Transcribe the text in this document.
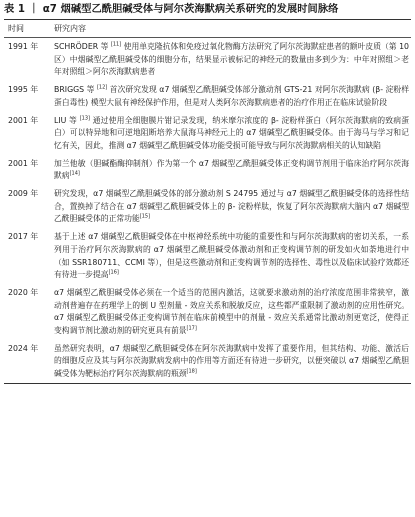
表 1 ｜ α7 烟碱型乙酰胆碱受体与阿尔茨海默病关系研究的发展时间脉络
时间	研究内容
1991 年	SCHRÖDER 等 [11] 使用单克隆抗体和免疫过氧化物酶方法研究了阿尔茨海默症患者的额叶皮质（第 10 区）中烟碱型乙酰胆碱受体的细胞分布，结果显示被标记的神经元的数量由多到少为：中年对照组＞老年对照组＞阿尔茨海默病患者
1995 年	BRIGGS 等 [12] 首次研究发现 α7 烟碱型乙酰胆碱受体部分激动剂 GTS-21 对阿尔茨海默病 (β- 淀粉样蛋白毒性) 模型大鼠有神经保护作用，但是对人类阿尔茨海默病患者的治疗作用正在临床试验阶段
2001 年	LIU 等 [13] 通过使用全细胞膜片钳记录发现，纳米摩尔浓度的 β- 淀粉样蛋白（阿尔茨海默病的致病蛋白）可以特异地和可逆地阻断培养大鼠海马神经元上的 α7 烟碱型乙酰胆碱受体。由于海马与学习和记忆有关，因此，推测 α7 烟碱型乙酰胆碱受体功能受损可能导致与阿尔茨海默病相关的认知缺陷
2001 年	加兰他敏（胆碱酯酶抑制剂）作为第一个 α7 烟碱型乙酰胆碱受体正变构调节剂用于临床治疗阿尔茨海默病[14]
2009 年	研究发现，α7 烟碱型乙酰胆碱受体的部分激动剂 S 24795 通过与 α7 烟碱型乙酰胆碱受体的选择性结合，置换掉了结合在 α7 烟碱型乙酰胆碱受体上的 β- 淀粉样肽，恢复了阿尔茨海默病大脑内 α7 烟碱型乙酰胆碱受体的正常功能[15]
2017 年	基于上述 α7 烟碱型乙酰胆碱受体在中枢神经系统中功能的重要性和与阿尔茨海默病的密切关系，一系列用于治疗阿尔茨海默病的 α7 烟碱型乙酰胆碱受体激动剂和正变构调节剂的研发如火如荼地进行中（如 SSR180711、CCMI 等），但是这些激动剂和正变构调节剂的选择性、毒性以及临床试验疗效都还有待进一步提高[16]
2020 年	α7 烟碱型乙酰胆碱受体必须在一个适当的范围内激活，这就要求激动剂的治疗浓度范围非常狭窄，激动剂普遍存在药理学上的倒 U 型剂量 - 效应关系和脱敏反应，这些都严重限制了激动剂的应用性研究。α7 烟碱型乙酰胆碱受体正变构调节剂在临床前模型中的剂量 - 效应关系通常比激动剂更宽泛，使得正变构调节剂比激动剂的研究更具有前景[17]
2024 年	虽然研究表明，α7 烟碱型乙酰胆碱受体在阿尔茨海默病中发挥了重要作用，但其结构、功能、激活后的细胞反应及其与阿尔茨海默病发病中的作用等方面还有待进一步研究，以便突破以 α7 烟碱型乙酰胆碱受体为靶标治疗阿尔茨海默病的瓶颈[18]
